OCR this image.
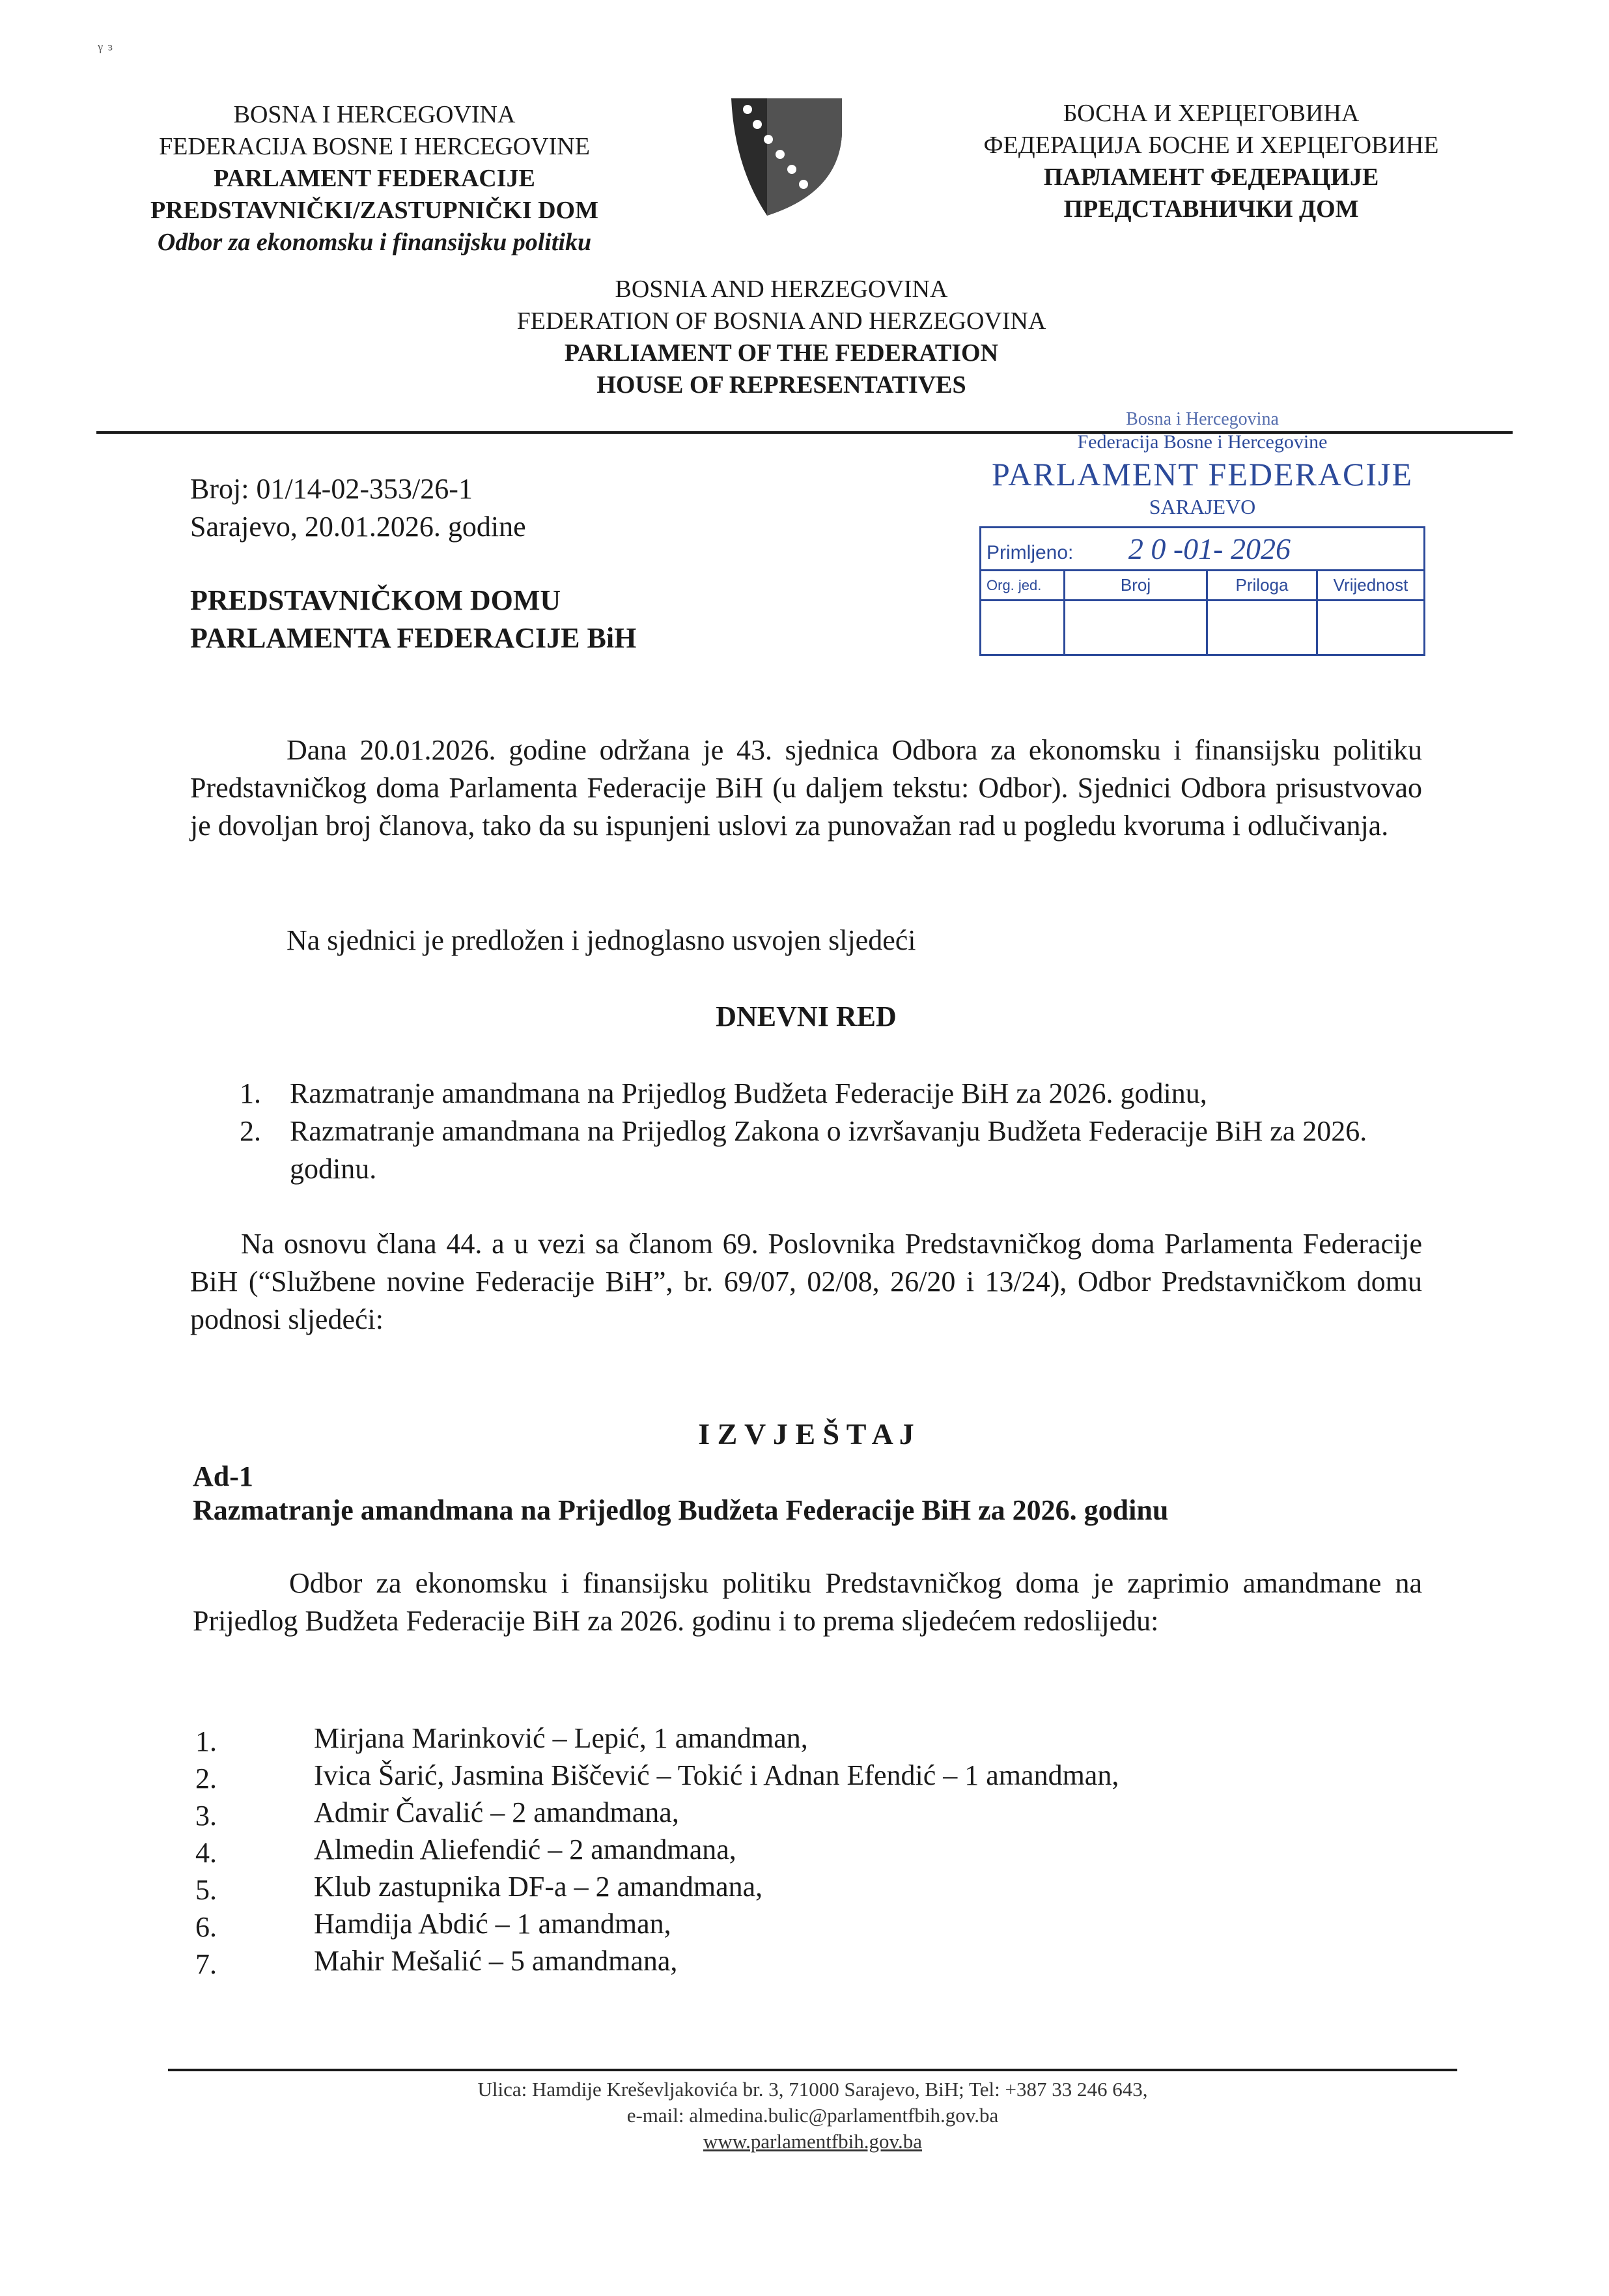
ᵞ ᵌ
BOSNA I HERCEGOVINA
FEDERACIJA BOSNE I HERCEGOVINE
PARLAMENT FEDERACIJE
PREDSTAVNIČKI/ZASTUPNIČKI DOM
Odbor za ekonomsku i finansijsku politiku
БОСНА И ХЕРЦЕГОВИНА
ФЕДЕРАЦИЈА БОСНЕ И ХЕРЦЕГОВИНЕ
ПАРЛАМЕНТ ФЕДЕРАЦИЈЕ
ПРЕДСТАВНИЧКИ ДОМ
BOSNIA AND HERZEGOVINA
FEDERATION OF BOSNIA AND HERZEGOVINA
PARLIAMENT OF THE FEDERATION
HOUSE OF REPRESENTATIVES
Broj: 01/14-02-353/26-1
Sarajevo, 20.01.2026. godine
PREDSTAVNIČKOM DOMU
PARLAMENTA FEDERACIJE BiH
Bosna i Hercegovina
Federacija Bosne i Hercegovine
PARLAMENT FEDERACIJE
SARAJEVO
Primljeno: 2 0 -01- 2026			
Org. jed.	Broj	Priloga	Vrijednost

Dana 20.01.2026. godine održana je 43. sjednica Odbora za ekonomsku i finansijsku politiku Predstavničkog doma Parlamenta Federacije BiH (u daljem tekstu: Odbor). Sjednici Odbora prisustvovao je dovoljan broj članova, tako da su ispunjeni uslovi za punovažan rad u pogledu kvoruma i odlučivanja.
Na sjednici je predložen i jednoglasno usvojen sljedeći
DNEVNI RED
1. Razmatranje amandmana na Prijedlog Budžeta Federacije BiH za 2026. godinu,
2. Razmatranje amandmana na Prijedlog Zakona o izvršavanju Budžeta Federacije BiH za 2026. godinu.
Na osnovu člana 44. a u vezi sa članom 69. Poslovnika Predstavničkog doma Parlamenta Federacije BiH (“Službene novine Federacije BiH”, br. 69/07, 02/08, 26/20 i 13/24), Odbor Predstavničkom domu podnosi sljedeći:
I Z V J E Š T A J
Ad-1
Razmatranje amandmana na Prijedlog Budžeta Federacije BiH za 2026. godinu
Odbor za ekonomsku i finansijsku politiku Predstavničkog doma je zaprimio amandmane na Prijedlog Budžeta Federacije BiH za 2026. godinu i to prema sljedećem redoslijedu:
1.	Mirjana Marinković – Lepić, 1 amandman,
2.	Ivica Šarić, Jasmina Biščević – Tokić i Adnan Efendić – 1 amandman,
3.	Admir Čavalić – 2 amandmana,
4.	Almedin Aliefendić – 2 amandmana,
5.	Klub zastupnika DF-a – 2 amandmana,
6.	Hamdija Abdić – 1 amandman,
7.	Mahir Mešalić – 5 amandmana,
Ulica: Hamdije Kreševljakovića br. 3, 71000 Sarajevo, BiH; Tel: +387 33 246 643,
e-mail: almedina.bulic@parlamentfbih.gov.ba
www.parlamentfbih.gov.ba
